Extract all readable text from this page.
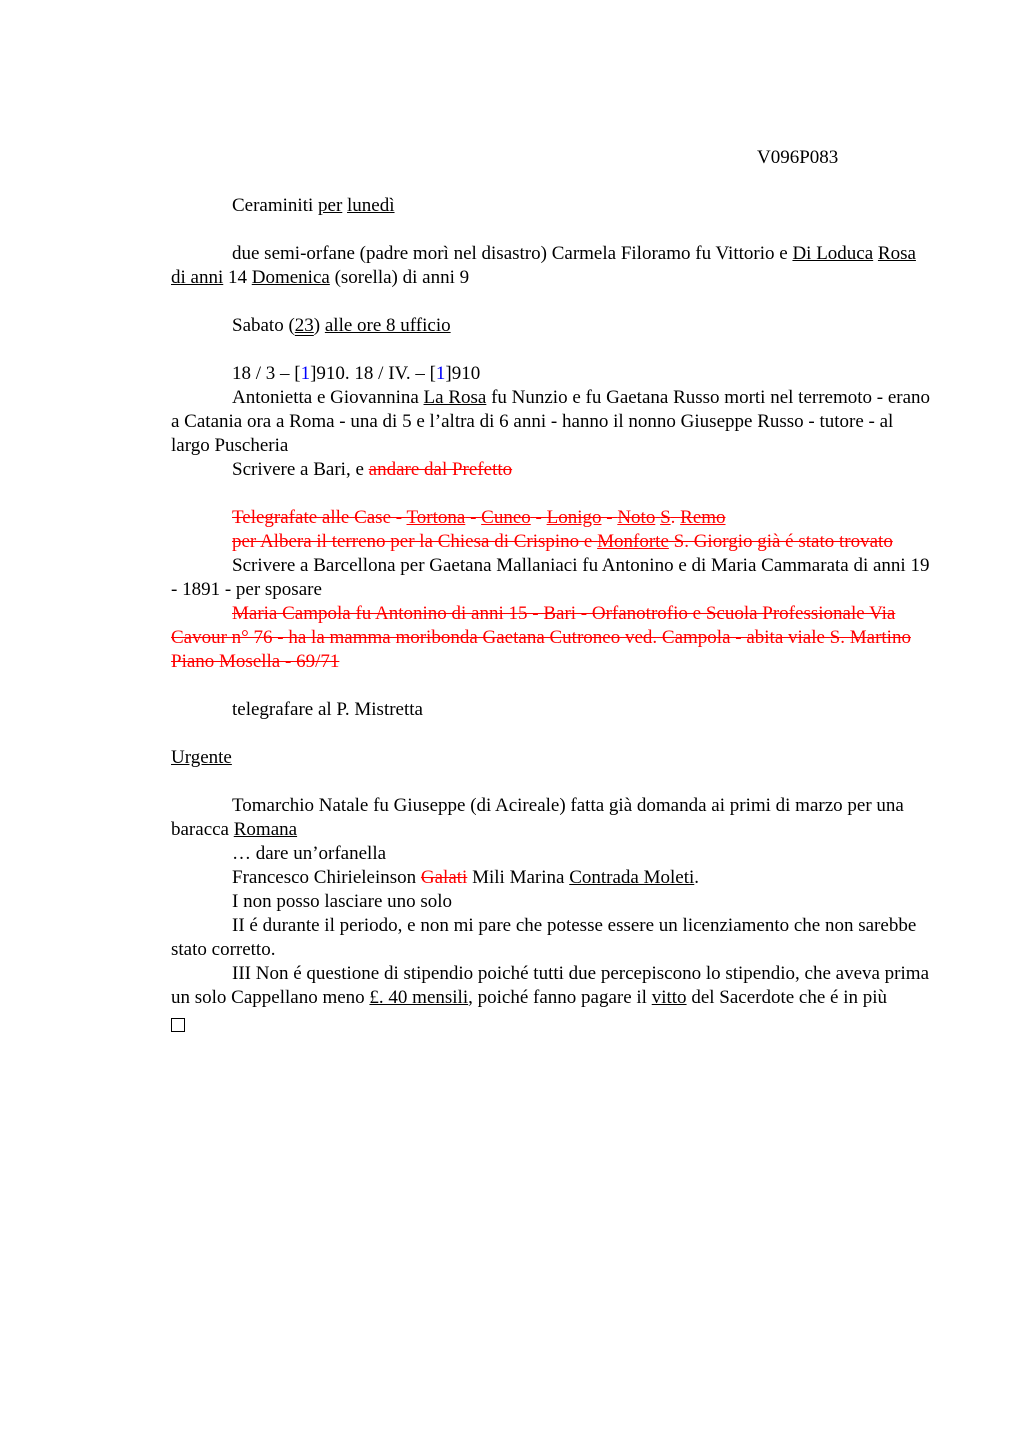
V096P083

Ceraminiti per lunedì

due semi-orfane (padre morì nel disastro) Carmela Filoramo fu Vittorio e Di Loduca Rosa di anni 14 Domenica (sorella) di anni 9

Sabato (23) alle ore 8 ufficio

18 / 3 – [1]910. 18 / IV. – [1]910

Antonietta e Giovannina La Rosa fu Nunzio e fu Gaetana Russo morti nel terremoto - erano a Catania ora a Roma - una di 5 e l’altra di 6 anni - hanno il nonno Giuseppe Russo - tutore - al largo Puscheria

Scrivere a Bari, e andare dal Prefetto

Telegrafate alle Case - Tortona - Cuneo - Lonigo - Noto S. Remo

per Albera il terreno per la Chiesa di Crispino e Monforte S. Giorgio già é stato trovato

Scrivere a Barcellona per Gaetana Mallaniaci fu Antonino e di Maria Cammarata di anni 19 - 1891 - per sposare

Maria Campola fu Antonino di anni 15 - Bari - Orfanotrofio e Scuola Professionale Via Cavour n° 76 - ha la mamma moribonda Gaetana Cutroneo ved. Campola - abita viale S. Martino Piano Mosella - 69/71

telegrafare al P. Mistretta

Urgente

Tomarchio Natale fu Giuseppe (di Acireale) fatta già domanda ai primi di marzo per una baracca Romana

… dare un’orfanella

Francesco Chirieleinson Galati Mili Marina Contrada Moleti.

I non posso lasciare uno solo

II é durante il periodo, e non mi pare che potesse essere un licenziamento che non sarebbe stato corretto.

III Non é questione di stipendio poiché tutti due percepiscono lo stipendio, che aveva prima un solo Cappellano meno £. 40 mensili, poiché fanno pagare il vitto del Sacerdote che é in più
